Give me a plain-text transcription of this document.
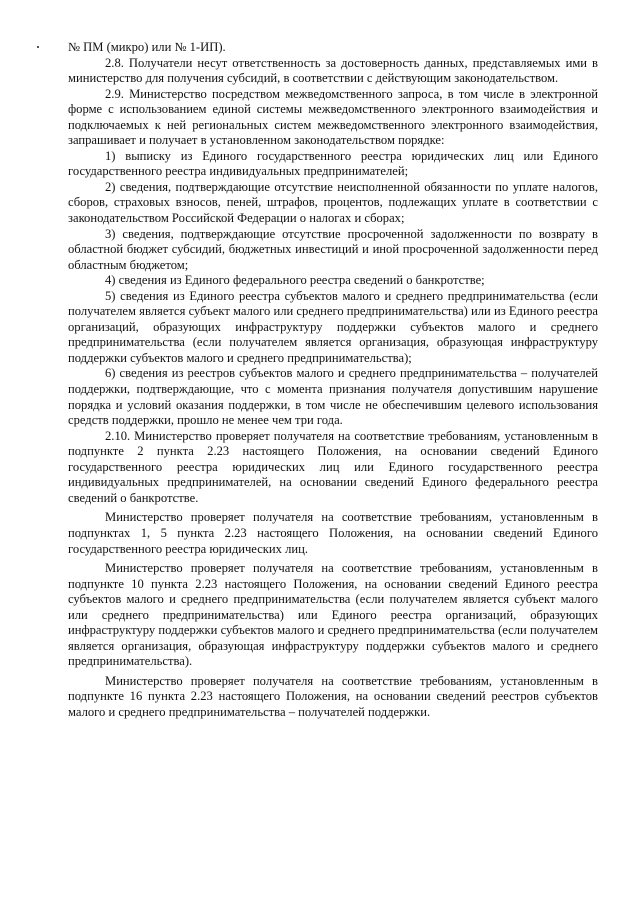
№ ПМ (микро) или № 1-ИП).

2.8. Получатели несут ответственность за достоверность данных, представляемых ими в министерство для получения субсидий, в соответствии с действующим законодательством.

2.9. Министерство посредством межведомственного запроса, в том числе в электронной форме с использованием единой системы межведомственного электронного взаимодействия и подключаемых к ней региональных систем межведомственного электронного взаимодействия, запрашивает и получает в установленном законодательством порядке:

1) выписку из Единого государственного реестра юридических лиц или Единого государственного реестра индивидуальных предпринимателей;

2) сведения, подтверждающие отсутствие неисполненной обязанности по уплате налогов, сборов, страховых взносов, пеней, штрафов, процентов, подлежащих уплате в соответствии с законодательством Российской Федерации о налогах и сборах;

3) сведения, подтверждающие отсутствие просроченной задолженности по возврату в областной бюджет субсидий, бюджетных инвестиций и иной просроченной задолженности перед областным бюджетом;

4) сведения из Единого федерального реестра сведений о банкротстве;

5) сведения из Единого реестра субъектов малого и среднего предпринимательства (если получателем является субъект малого или среднего предпринимательства) или из Единого реестра организаций, образующих инфраструктуру поддержки субъектов малого и среднего предпринимательства (если получателем является организация, образующая инфраструктуру поддержки субъектов малого и среднего предпринимательства);

6) сведения из реестров субъектов малого и среднего предпринимательства – получателей поддержки, подтверждающие, что с момента признания получателя допустившим нарушение порядка и условий оказания поддержки, в том числе не обеспечившим целевого использования средств поддержки, прошло не менее чем три года.

2.10. Министерство проверяет получателя на соответствие требованиям, установленным в подпункте 2 пункта 2.23 настоящего Положения, на основании сведений Единого государственного реестра юридических лиц или Единого государственного реестра индивидуальных предпринимателей, на основании сведений Единого федерального реестра сведений о банкротстве.

Министерство проверяет получателя на соответствие требованиям, установленным в подпунктах 1, 5 пункта 2.23 настоящего Положения, на основании сведений Единого государственного реестра юридических лиц.

Министерство проверяет получателя на соответствие требованиям, установленным в подпункте 10 пункта 2.23 настоящего Положения, на основании сведений Единого реестра субъектов малого и среднего предпринимательства (если получателем является субъект малого или среднего предпринимательства) или Единого реестра организаций, образующих инфраструктуру поддержки субъектов малого и среднего предпринимательства (если получателем является организация, образующая инфраструктуру поддержки субъектов малого и среднего предпринимательства).

Министерство проверяет получателя на соответствие требованиям, установленным в подпункте 16 пункта 2.23 настоящего Положения, на основании сведений реестров субъектов малого и среднего предпринимательства – получателей поддержки.
